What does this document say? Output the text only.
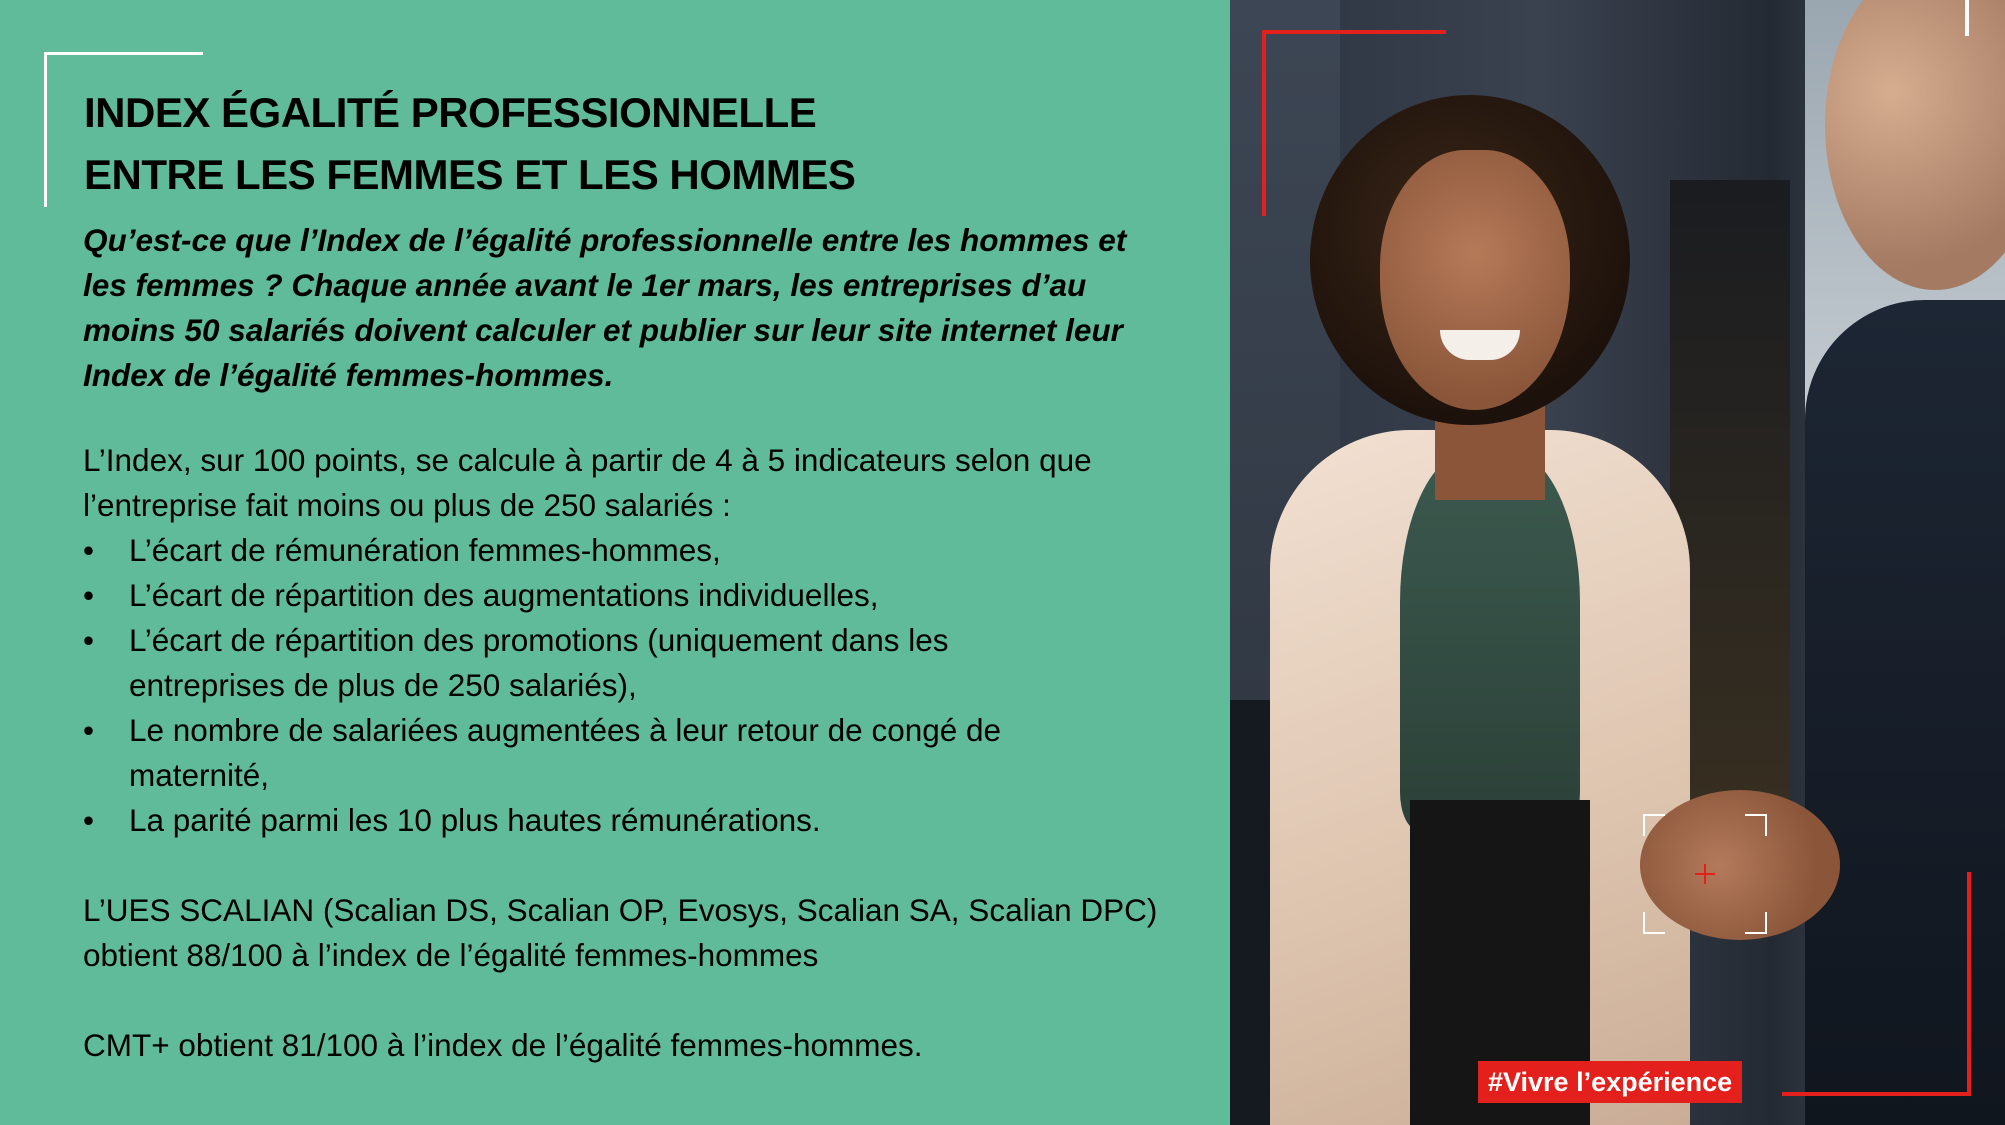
INDEX ÉGALITÉ PROFESSIONNELLE
ENTRE LES FEMMES ET LES HOMMES
Qu’est-ce que l’Index de l’égalité professionnelle entre les hommes et
les femmes ? Chaque année avant le 1er mars, les entreprises d’au
moins 50 salariés doivent calculer et publier sur leur site internet leur
Index de l’égalité femmes-hommes.
L’Index, sur 100 points, se calcule à partir de 4 à 5 indicateurs selon que
l’entreprise fait moins ou plus de 250 salariés :
• L’écart de rémunération femmes-hommes,
• L’écart de répartition des augmentations individuelles,
• L’écart de répartition des promotions (uniquement dans les
entreprises de plus de 250 salariés),
• Le nombre de salariées augmentées à leur retour de congé de
maternité,
• La parité parmi les 10 plus hautes rémunérations.
L’UES SCALIAN (Scalian DS, Scalian OP, Evosys, Scalian SA, Scalian DPC)
obtient 88/100 à l’index de l’égalité femmes-hommes
CMT+ obtient 81/100 à l’index de l’égalité femmes-hommes.
#Vivre l’expérience
